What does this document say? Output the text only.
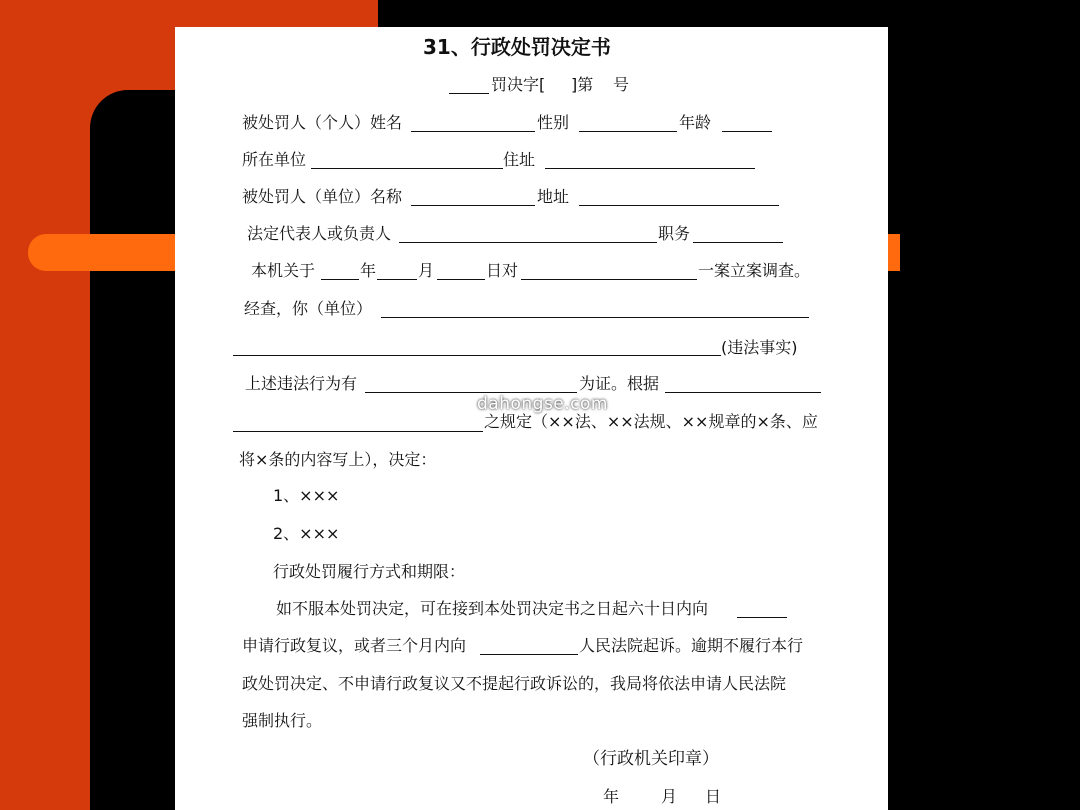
31、行政处罚决定书
罚决字[ ]第 号
被处罚人（个人）姓名	性别	年龄
所在单位	住址
被处罚人（单位）名称	地址
法定代表人或负责人	职务
本机关于	年	月	日对	一案立案调查。
经查，你（单位）
(违法事实)
上述违法行为有	为证。根据
之规定（××法、××法规、××规章的×条、应
将×条的内容写上），决定：
1、×××
2、×××
行政处罚履行方式和期限：
如不服本处罚决定，可在接到本处罚决定书之日起六十日内向
申请行政复议，或者三个月内向	人民法院起诉。逾期不履行本行
政处罚决定、不申请行政复议又不提起行政诉讼的，我局将依法申请人民法院
强制执行。
（行政机关印章）
年	月 日
dahongse.com
